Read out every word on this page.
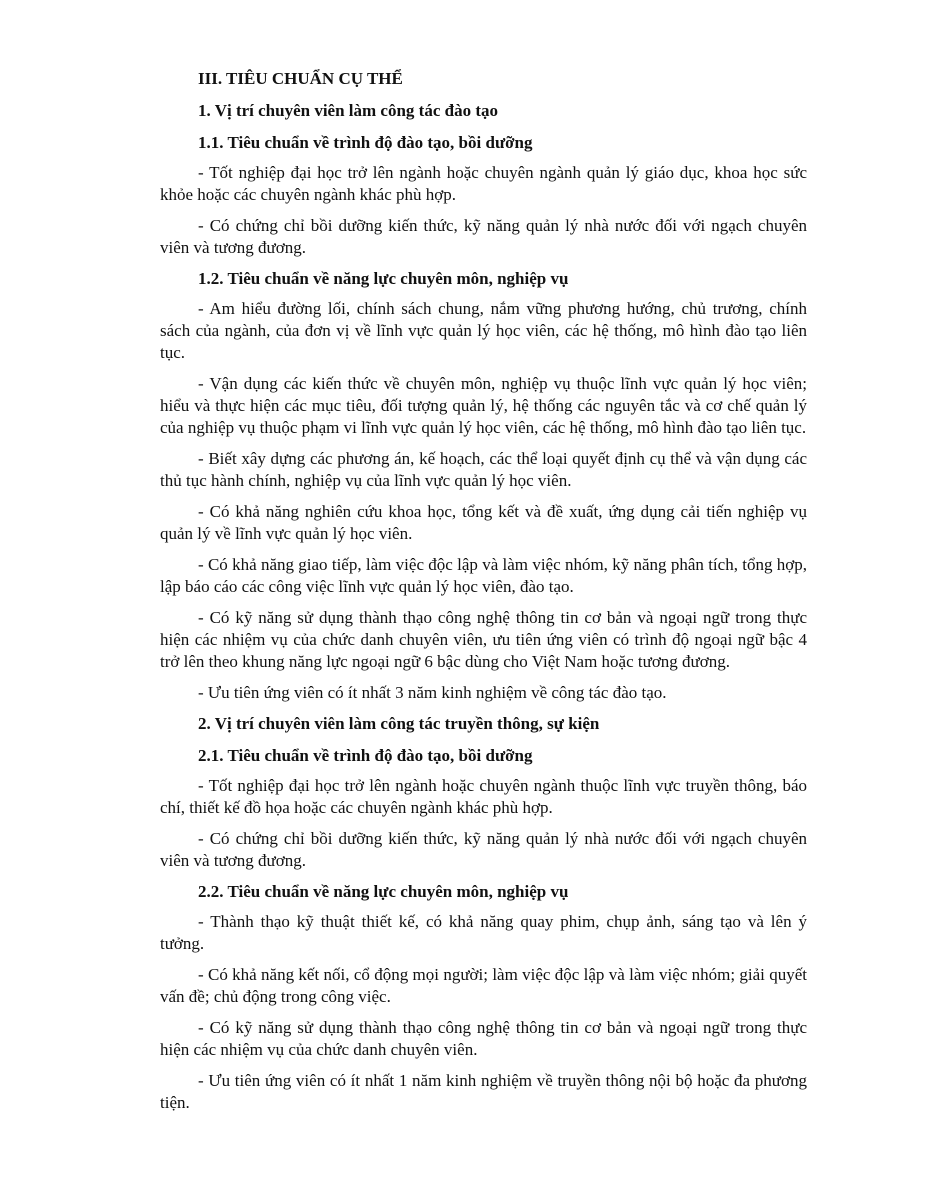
III. TIÊU CHUẨN CỤ THỂ
1. Vị trí chuyên viên làm công tác đào tạo
1.1. Tiêu chuẩn về trình độ đào tạo, bồi dưỡng
- Tốt nghiệp đại học trở lên ngành hoặc chuyên ngành quản lý giáo dục, khoa học sức khỏe hoặc các chuyên ngành khác phù hợp.
- Có chứng chỉ bồi dưỡng kiến thức, kỹ năng quản lý nhà nước đối với ngạch chuyên viên và tương đương.
1.2. Tiêu chuẩn về năng lực chuyên môn, nghiệp vụ
- Am hiểu đường lối, chính sách chung, nắm vững phương hướng, chủ trương, chính sách của ngành, của đơn vị về lĩnh vực quản lý học viên, các hệ thống, mô hình đào tạo liên tục.
- Vận dụng các kiến thức về chuyên môn, nghiệp vụ thuộc lĩnh vực quản lý học viên; hiểu và thực hiện các mục tiêu, đối tượng quản lý, hệ thống các nguyên tắc và cơ chế quản lý của nghiệp vụ thuộc phạm vi lĩnh vực quản lý học viên, các hệ thống, mô hình đào tạo liên tục.
- Biết xây dựng các phương án, kế hoạch, các thể loại quyết định cụ thể và vận dụng các thủ tục hành chính, nghiệp vụ của lĩnh vực quản lý học viên.
- Có khả năng nghiên cứu khoa học, tổng kết và đề xuất, ứng dụng cải tiến nghiệp vụ quản lý về lĩnh vực quản lý học viên.
- Có khả năng giao tiếp, làm việc độc lập và làm việc nhóm, kỹ năng phân tích, tổng hợp, lập báo cáo các công việc lĩnh vực quản lý học viên, đào tạo.
- Có kỹ năng sử dụng thành thạo công nghệ thông tin cơ bản và ngoại ngữ trong thực hiện các nhiệm vụ của chức danh chuyên viên, ưu tiên ứng viên có trình độ ngoại ngữ bậc 4 trở lên theo khung năng lực ngoại ngữ 6 bậc dùng cho Việt Nam hoặc tương đương.
- Ưu tiên ứng viên có ít nhất 3 năm kinh nghiệm về công tác đào tạo.
2. Vị trí chuyên viên làm công tác truyền thông, sự kiện
2.1. Tiêu chuẩn về trình độ đào tạo, bồi dưỡng
- Tốt nghiệp đại học trở lên ngành hoặc chuyên ngành thuộc lĩnh vực truyền thông, báo chí, thiết kế đồ họa hoặc các chuyên ngành khác phù hợp.
- Có chứng chỉ bồi dưỡng kiến thức, kỹ năng quản lý nhà nước đối với ngạch chuyên viên và tương đương.
2.2. Tiêu chuẩn về năng lực chuyên môn, nghiệp vụ
- Thành thạo kỹ thuật thiết kế, có khả năng quay phim, chụp ảnh, sáng tạo và lên ý tưởng.
- Có khả năng kết nối, cổ động mọi người; làm việc độc lập và làm việc nhóm; giải quyết vấn đề; chủ động trong công việc.
- Có kỹ năng sử dụng thành thạo công nghệ thông tin cơ bản và ngoại ngữ trong thực hiện các nhiệm vụ của chức danh chuyên viên.
- Ưu tiên ứng viên có ít nhất 1 năm kinh nghiệm về truyền thông nội bộ hoặc đa phương tiện.
